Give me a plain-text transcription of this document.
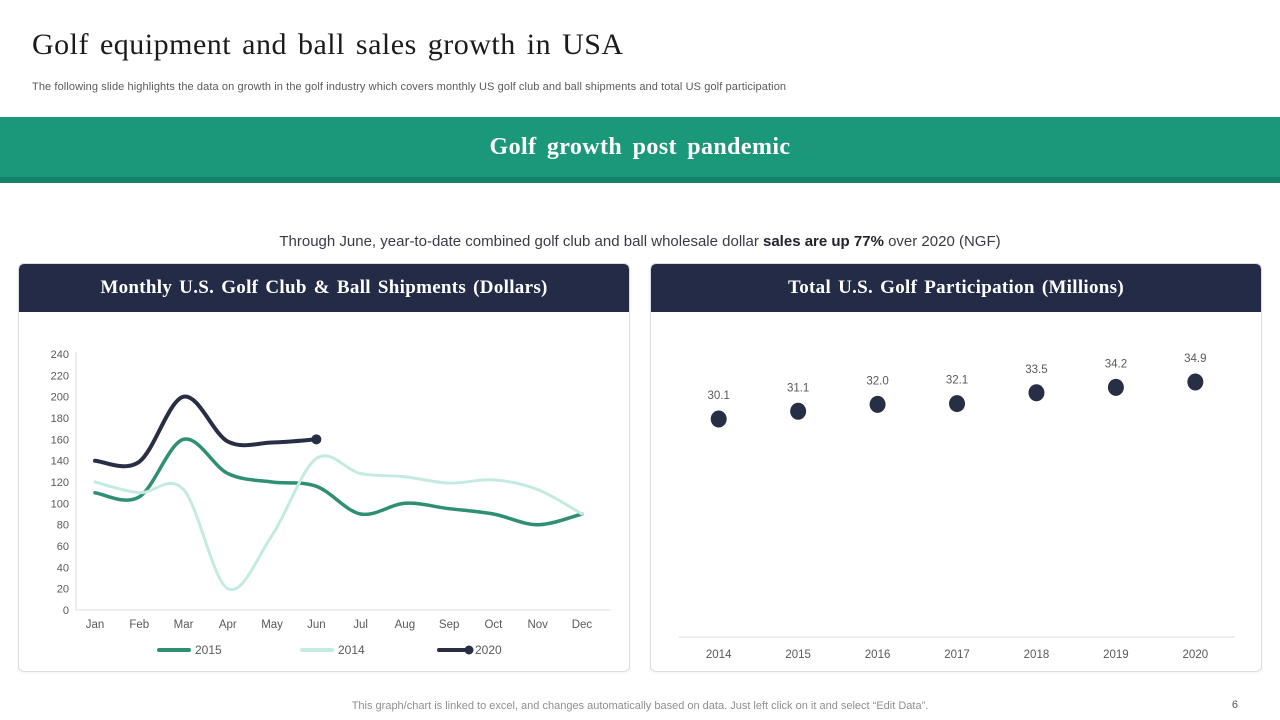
Golf equipment and ball sales growth in USA

The following slide highlights the data on growth in the golf industry which covers monthly US golf club and ball shipments and total US golf participation

Golf growth post pandemic

Through June, year-to-date combined golf club and ball wholesale dollar sales are up 77% over 2020 (NGF)

Monthly U.S. Golf Club & Ball Shipments (Dollars)
0
20
40
60
80
100
120
140
160
180
200
220
240
Jan Feb Mar Apr May Jun Jul Aug Sep Oct Nov Dec
2015	2014	2020
Total U.S. Golf Participation (Millions)
30.1
2014
31.1
2015
32.0
2016
32.1
2017
33.5
2018
34.2
2019
34.9
2020

This graph/chart is linked to excel, and changes automatically based on data. Just left click on it and select “Edit Data”.	6
